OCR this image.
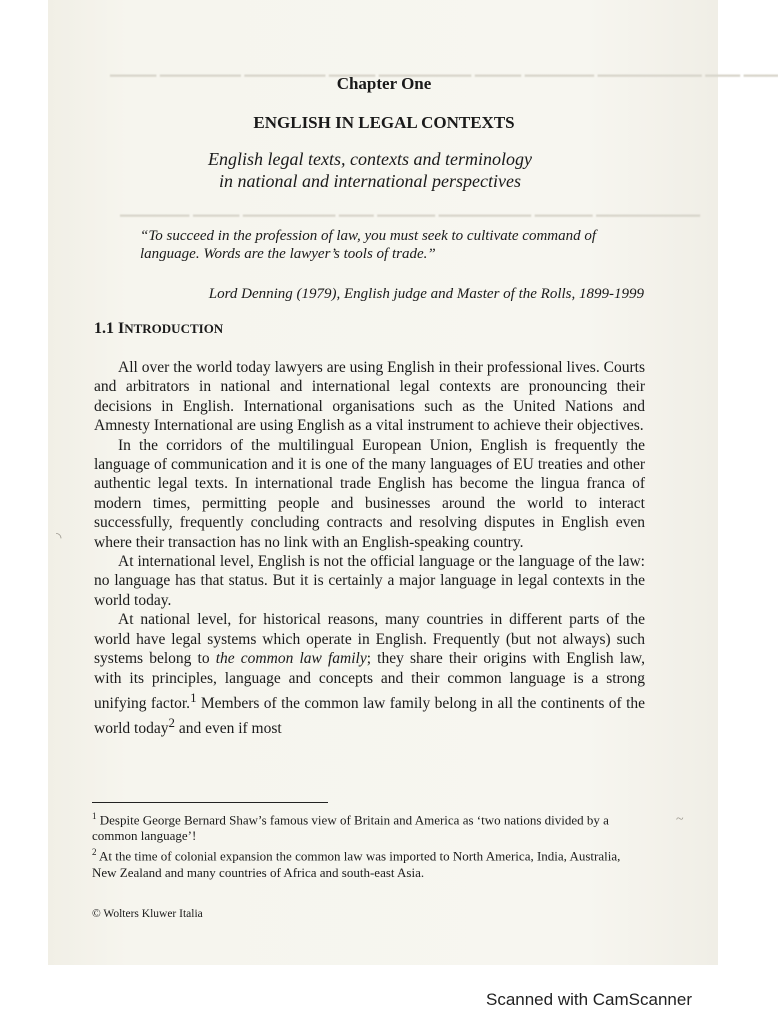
▁▁▁▁ ▁▁▁▁▁▁▁ ▁▁▁▁▁▁▁ ▁▁▁▁ ▁▁▁▁▁▁▁▁ ▁▁▁▁ ▁▁▁▁▁▁ ▁▁▁▁▁▁▁▁▁ ▁▁▁ ▁▁▁
▁▁▁▁▁▁ ▁▁▁▁ ▁▁▁▁▁▁▁▁ ▁▁▁ ▁▁▁▁▁ ▁▁▁▁▁▁▁▁ ▁▁▁▁▁ ▁▁▁▁▁▁▁▁▁
Chapter One
ENGLISH IN LEGAL CONTEXTS
English legal texts, contexts and terminology
in national and international perspectives
“To succeed in the profession of law, you must seek to cultivate command of language. Words are the lawyer’s tools of trade.”
Lord Denning (1979), English judge and Master of the Rolls, 1899-1999
1.1 INTRODUCTION

All over the world today lawyers are using English in their professional lives. Courts and arbitrators in national and international legal contexts are pronouncing their decisions in English. International organisations such as the United Nations and Amnesty International are using English as a vital instrument to achieve their objectives.

In the corridors of the multilingual European Union, English is frequently the language of communication and it is one of the many languages of EU treaties and other authentic legal texts. In international trade English has become the lingua franca of modern times, permitting people and businesses around the world to interact successfully, frequently concluding contracts and resolving disputes in English even where their transaction has no link with an English-speaking country.

At international level, English is not the official language or the language of the law: no language has that status. But it is certainly a major language in legal contexts in the world today.

At national level, for historical reasons, many countries in different parts of the world have legal systems which operate in English. Frequently (but not always) such systems belong to the common law family; they share their origins with English law, with its principles, language and concepts and their common language is a strong unifying factor.$^1$ Members of the common law family belong in all the continents of the world today$^2$ and even if most

$^1$ Despite George Bernard Shaw’s famous view of Britain and America as ‘two nations divided by a common language’!

$^2$ At the time of colonial expansion the common law was imported to North America, India, Australia, New Zealand and many countries of Africa and south-east Asia.

© Wolters Kluwer Italia
◝
~
Scanned with CamScanner
